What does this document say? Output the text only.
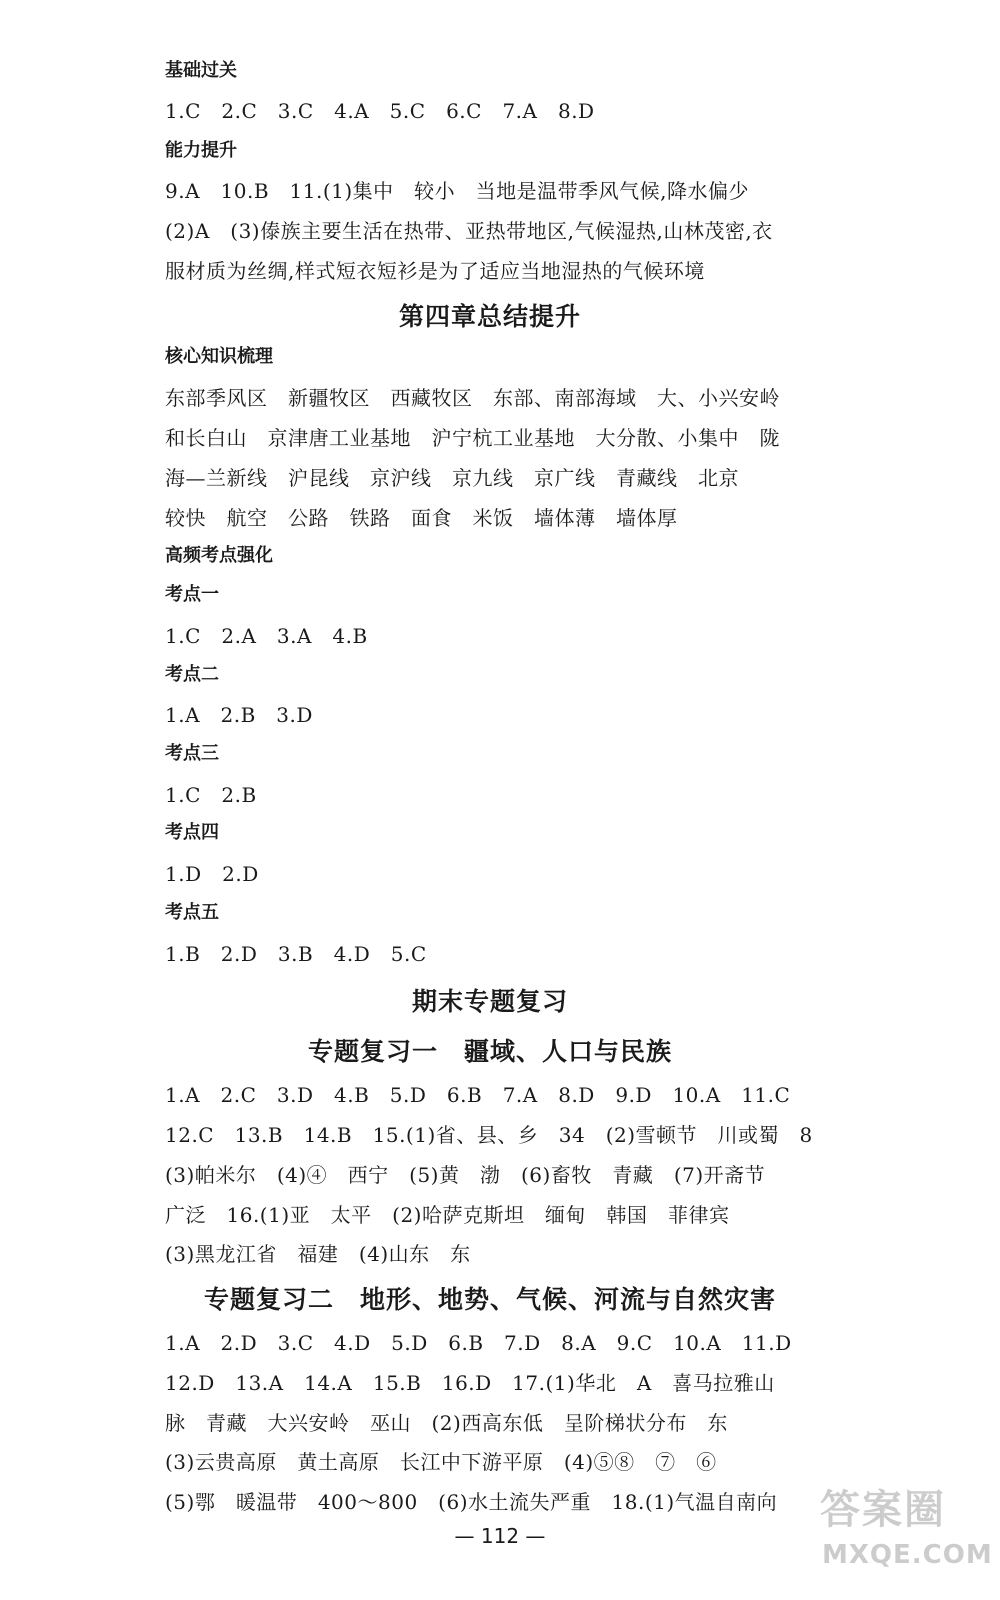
基础过关
1.C　2.C　3.C　4.A　5.C　6.C　7.A　8.D
能力提升
9.A　10.B　11.(1)集中　较小　当地是温带季风气候,降水偏少
(2)A　(3)傣族主要生活在热带、亚热带地区,气候湿热,山林茂密,衣
服材质为丝绸,样式短衣短衫是为了适应当地湿热的气候环境
第四章总结提升
核心知识梳理
东部季风区　新疆牧区　西藏牧区　东部、南部海域　大、小兴安岭
和长白山　京津唐工业基地　沪宁杭工业基地　大分散、小集中　陇
海—兰新线　沪昆线　京沪线　京九线　京广线　青藏线　北京
较快　航空　公路　铁路　面食　米饭　墙体薄　墙体厚
高频考点强化
考点一
1.C　2.A　3.A　4.B
考点二
1.A　2.B　3.D
考点三
1.C　2.B
考点四
1.D　2.D
考点五
1.B　2.D　3.B　4.D　5.C
期末专题复习
专题复习一　疆域、人口与民族
1.A　2.C　3.D　4.B　5.D　6.B　7.A　8.D　9.D　10.A　11.C
12.C　13.B　14.B　15.(1)省、县、乡　34　(2)雪顿节　川或蜀　8
(3)帕米尔　(4)④　西宁　(5)黄　渤　(6)畜牧　青藏　(7)开斋节
广泛　16.(1)亚　太平　(2)哈萨克斯坦　缅甸　韩国　菲律宾
(3)黑龙江省　福建　(4)山东　东
专题复习二　地形、地势、气候、河流与自然灾害
1.A　2.D　3.C　4.D　5.D　6.B　7.D　8.A　9.C　10.A　11.D
12.D　13.A　14.A　15.B　16.D　17.(1)华北　A　喜马拉雅山
脉　青藏　大兴安岭　巫山　(2)西高东低　呈阶梯状分布　东
(3)云贵高原　黄土高原　长江中下游平原　(4)⑤⑧　⑦　⑥
(5)鄂　暖温带　400～800　(6)水土流失严重　18.(1)气温自南向
— 112 —
答案圈
MXQE.COM
